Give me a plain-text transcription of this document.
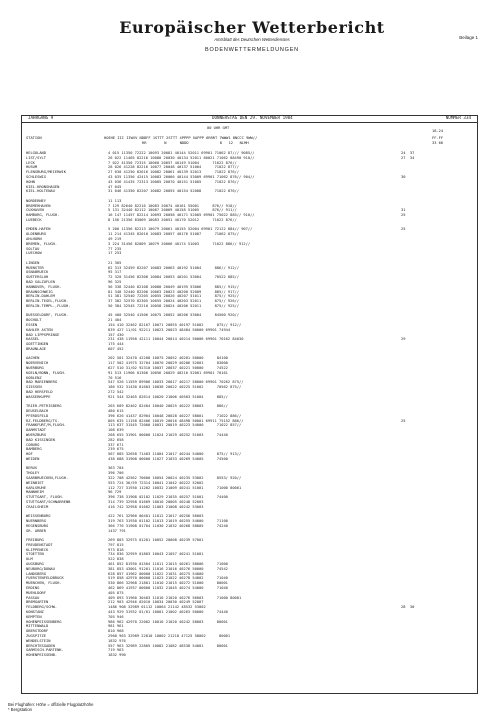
Europäischer Wetterbericht
Amtsblatt des Deutschen Wetterdienstes	Beilage 1
BODENWETTERMELDUNGEN
JAHRGANG 9	DONNERSTAG DEN 29. NOVEMBER 1984	NUMMER 334
00 UHR GMT
18-24
STATION	HOEHE III IIWVV NDDFF 1STTT 2STTT 4PPPP 5APPP 6RRRT 7WWW1 8NCCC 9WW//	FF-FF
RR        N      NDDD              8   12   NLMH	33 66
HELGOLAND	4 015 11350 72222 10093 20081 40144 52011 69901 71062 87/// 9085//	24  37
LIST/SYLT	26 022 11465 82216 10080 20030 40134 52011 60021 71062 88490 910//	27  34
LECK	7 022 41350 72315 10060 20057 40149 51004      71022 876//
HUSUM	28 026 41228 82216 10077 20048 40137 51004      71022 877//
FLENSBURG/MEIERWIK	27 030 41250 82616 10082 20061 40139 52013      71022 876//
SCHLESWIG	43 035 11356 42415 10083 20066 40144 53009 69901 71062 876// 904//	30
HOHN	43 036 41435 72313 10085 20070 40151 51005      71022 876//
KIEL-KRONSHAGEN	47 045
KIEL-HOLTENAU	31 046 41350 82207 10082 20055 40154 52008      71022 876//
NORDERNEY	11 113
BREMERHAVEN	7 129 82640 82216 10083 20074 40161 55001      876// 910//
CUXHAVEN	5 131 32440 82112 10087 20069 40158 51005      876// 911//	31
HAMBURG, FLUGH.	16 147 11457 82214 10093 20058 40171 52005 69901 75022 885// 910//	25
LUEBECK	8 156 21356 83009 10083 20051 40170 52012      71022 876//
EMDEN-HAFEN	5 200 11356 82213 10079 20061 40155 52004 69901 72122 884// 907//	25
OLDENBURG	11 214 41345 82010 10083 20057 40176 51007      71062 875//
AHLHORN	49 219
BREMEN, FLUGH.	3 224 31456 82009 10079 20066 40174 51003      71022 886// 912//
SOLTAU	77 235
LUECHOW	17 253
LINGEN	21 305
MUENSTER	62 313 32459 82207 10083 20063 40192 51004      886// 912//
OSNABRUECK	95 317
GUETERSLOH	72 320 31456 82308 10084 20053 40201 53004      70522 885//
BAD SALZUFLEN	96 325
HANNOVER, FLUGH.	56 338 32440 82108 10080 20049 40195 53006      885// 915//
BRAUNSCHWEIG	81 348 32440 82206 10063 20023 40200 52009      885// 917//
BERLIN-DAHLEM	51 381 32540 72205 10055 20026 40207 51011      875// 925//
BERLIN-TEGEL,FLUGH.	37 382 32570 82305 10055 20024 40203 52011      875// 926//
BERLIN-TEMPL.,FLUGH.	50 384 32545 72210 10058 20024 40206 52011      875// 925//
DUESSELDORF, FLUGH.	45 400 32540 41506 10075 20052 40206 53004      84500 920//
BOCHOLT	21 404
ESSEN	154 410 32462 82107 10071 20055 40197 51002      875// 912//
KAHLER ASTEN	839 427 11/01 92211 10023 20023 48484 50000 69901 74944
BAD LIPPSPRINGE	157 430
KASSEL	231 438 11958 42111 10044 20014 40214 50006 69901 70162 84030	29
GOETTINGEN	175 444
BRAUNLAGE	607 452
AACHEN	202 501 32470 42208 10075 20052 40201 50000      84100
NOERVENICH	117 502 41975 32704 10070 20029 40206 52001      83000
NUERBURG	627 510 31/02 92310 10037 20037 40221 50000      74522
KOELN/BONN, FLUGH.	91 513 11966 01306 10056 20029 40210 52001 69901 70161
KOBLENZ	70 516
BAD MARIENBERG	547 526 11559 89906 10033 20017 40217 58000 69901 70262 875//
GIESSEN	186 532 31430 81603 10038 20022 40225 51002      70562 875//
BAD HERSFELD	272 542
WASSERKUPPE	921 544 32465 82614 10020 21006 40503 51004      885//
TRIER-PETRISBERG	265 609 82462 82404 10040 20025 40222 58003      886//
DEUSELBACH	480 615
PFERDSFELD	396 626 41437 82904 10048 20028 40227 58001      71022 886//
RZ.FELDBERG/TS.	805 635 11158 82406 10019 20016 48498 50001 69911 75152 886//	25
FRANKFURT/M,FLUGH.	113 637 31545 72000 10031 20019 40223 54000      71022 857//
DARMSTADT	108 639
WUERZBURG	268 655 31901 00000 11024 21029 40252 51003      74440
BAD KISSINGEN	282 658
COBURG	337 671
BAMBERG	239 675
HOF	567 685 32658 71403 11004 21017 40244 54000      875// 913//
WEIDEN	438 688 31908 00000 11027 21033 40269 54005      74500
BERUS	363 704
THOLEY	396 706
SAARBRUECKEN,FLUGH.	322 708 42562 70000 10054 20024 40235 53002      8553/ 920//
WEINBIET	553 724 36/59 72314 10041 21042 40222 52002
KARLSRUHE	112 727 31930 11202 10032 21009 40241 51001      71000 80001
MANNHEIM	96 729
STUTTGART, FLUGH.	396 738 31908 02102 11029 21035 40257 51001      74400
STUTTGART/SCHNARRENB	314 739 32958 01609 10010 20005 40248 52003
CRAILSHEIM	416 742 32958 01602 11003 21008 40242 53003
WEISSENBURG	422 761 32960 00401 11012 21017 40256 56003
NUERNBERG	319 763 31930 01102 11013 21019 40255 54000      71100
REGENSBURG	366 776 31908 01704 11030 21032 40268 58005      74240
GR. ARBER	1437 791
FREIBURG	269 803 32975 01201 10052 20008 40239 57001
FREUDENSTADT	797 815
KLIPPENECK	973 818
STOETTEN	734 836 32959 01803 10043 21057 40241 51001
ULM	522 838
AUGSBURG	461 852 81930 01504 11011 21015 40261 58006      71000
NEUBURG/DONAU	381 853 43001 91201 11016 21016 40276 50000      74542
LANDSBERG	628 857 41962 00000 11022 21031 40275 54000
FUERSTENFELDBRUCK	519 858 42970 00000 11023 21022 40278 54002      71040
MUENCHEN, FLUGH.	530 866 32968 21801 11010 21015 40272 51000      80001
ERDING	462 869 41937 00000 11032 21045 40274 54000      71040
MUEHLDORF	405 875
PASSAU	409 893 31960 30403 11016 21020 40276 56003      71000 80001
BREMGARTEN	212 903 42946 02010 10034 20030 40249 52007
FELDBERG/SCHW.	1486 908 32989 01112 10064 21142 48532 53002	28  30
KONSTANZ	443 929 31932 01/01 10001 21002 40263 50000      74440
KEMPTEN	705 946
HOHENPEISSENBERG	986 962 42970 22002 10016 21020 40242 58003      80001
MITTENWALD	981 961
OBERSTDORF	810 968
ZUGSPITZE	2960 963 32989 22810 10002 21218 47125 58002      80001
WENDELSTEIN	1832 976
BERCHTESGADEN	557 963 32989 22805 10082 21082 48538 54001      80001
GARMISCH-PARTENK.	719 963
HOHENPEISSENB.	1832 990
Bei Flughäfen: Höhe = offizielle Flugplatzhöhe
* Bergstation
